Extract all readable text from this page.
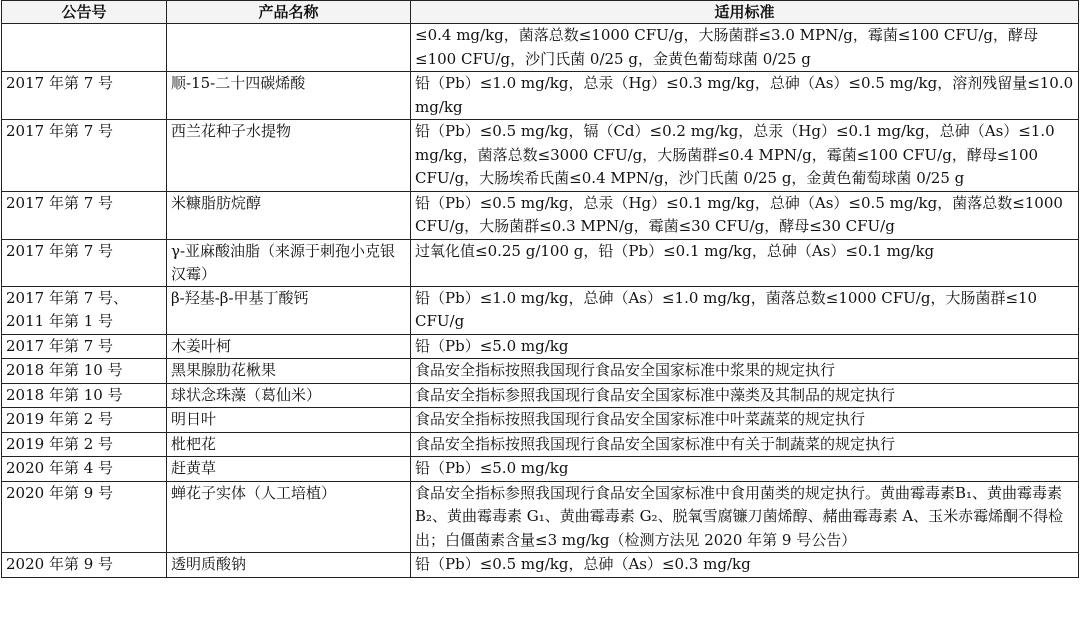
公告号	产品名称	适用标准
		≤0.4 mg/kg，菌落总数≤1000 CFU/g，大肠菌群≤3.0 MPN/g，霉菌≤100 CFU/g，酵母≤100 CFU/g，沙门氏菌 0/25 g，金黄色葡萄球菌 0/25 g
2017 年第 7 号	顺-15-二十四碳烯酸	铅（Pb）≤1.0 mg/kg，总汞（Hg）≤0.3 mg/kg，总砷（As）≤0.5 mg/kg，溶剂残留量≤10.0 mg/kg
2017 年第 7 号	西兰花种子水提物	铅（Pb）≤0.5 mg/kg，镉（Cd）≤0.2 mg/kg，总汞（Hg）≤0.1 mg/kg，总砷（As）≤1.0 mg/kg，菌落总数≤3000 CFU/g，大肠菌群≤0.4 MPN/g，霉菌≤100 CFU/g，酵母≤100 CFU/g，大肠埃希氏菌≤0.4 MPN/g，沙门氏菌 0/25 g，金黄色葡萄球菌 0/25 g
2017 年第 7 号	米糠脂肪烷醇	铅（Pb）≤0.5 mg/kg，总汞（Hg）≤0.1 mg/kg，总砷（As）≤0.5 mg/kg，菌落总数≤1000 CFU/g，大肠菌群≤0.3 MPN/g，霉菌≤30 CFU/g，酵母≤30 CFU/g
2017 年第 7 号	γ-亚麻酸油脂（来源于刺孢小克银汉霉）	过氧化值≤0.25 g/100 g，铅（Pb）≤0.1 mg/kg，总砷（As）≤0.1 mg/kg
2017 年第 7 号、2011 年第 1 号	β-羟基-β-甲基丁酸钙	铅（Pb）≤1.0 mg/kg，总砷（As）≤1.0 mg/kg，菌落总数≤1000 CFU/g，大肠菌群≤10 CFU/g
2017 年第 7 号	木姜叶柯	铅（Pb）≤5.0 mg/kg
2018 年第 10 号	黑果腺肋花楸果	食品安全指标按照我国现行食品安全国家标准中浆果的规定执行
2018 年第 10 号	球状念珠藻（葛仙米）	食品安全指标参照我国现行食品安全国家标准中藻类及其制品的规定执行
2019 年第 2 号	明日叶	食品安全指标按照我国现行食品安全国家标准中叶菜蔬菜的规定执行
2019 年第 2 号	枇杷花	食品安全指标按照我国现行食品安全国家标准中有关于制蔬菜的规定执行
2020 年第 4 号	赶黄草	铅（Pb）≤5.0 mg/kg
2020 年第 9 号	蝉花子实体（人工培植）	食品安全指标参照我国现行食品安全国家标准中食用菌类的规定执行。黄曲霉毒素B₁、黄曲霉毒素 B₂、黄曲霉毒素 G₁、黄曲霉毒素 G₂、脱氧雪腐镰刀菌烯醇、赭曲霉毒素 A、玉米赤霉烯酮不得检出；白僵菌素含量≤3 mg/kg（检测方法见 2020 年第 9 号公告）
2020 年第 9 号	透明质酸钠	铅（Pb）≤0.5 mg/kg，总砷（As）≤0.3 mg/kg
